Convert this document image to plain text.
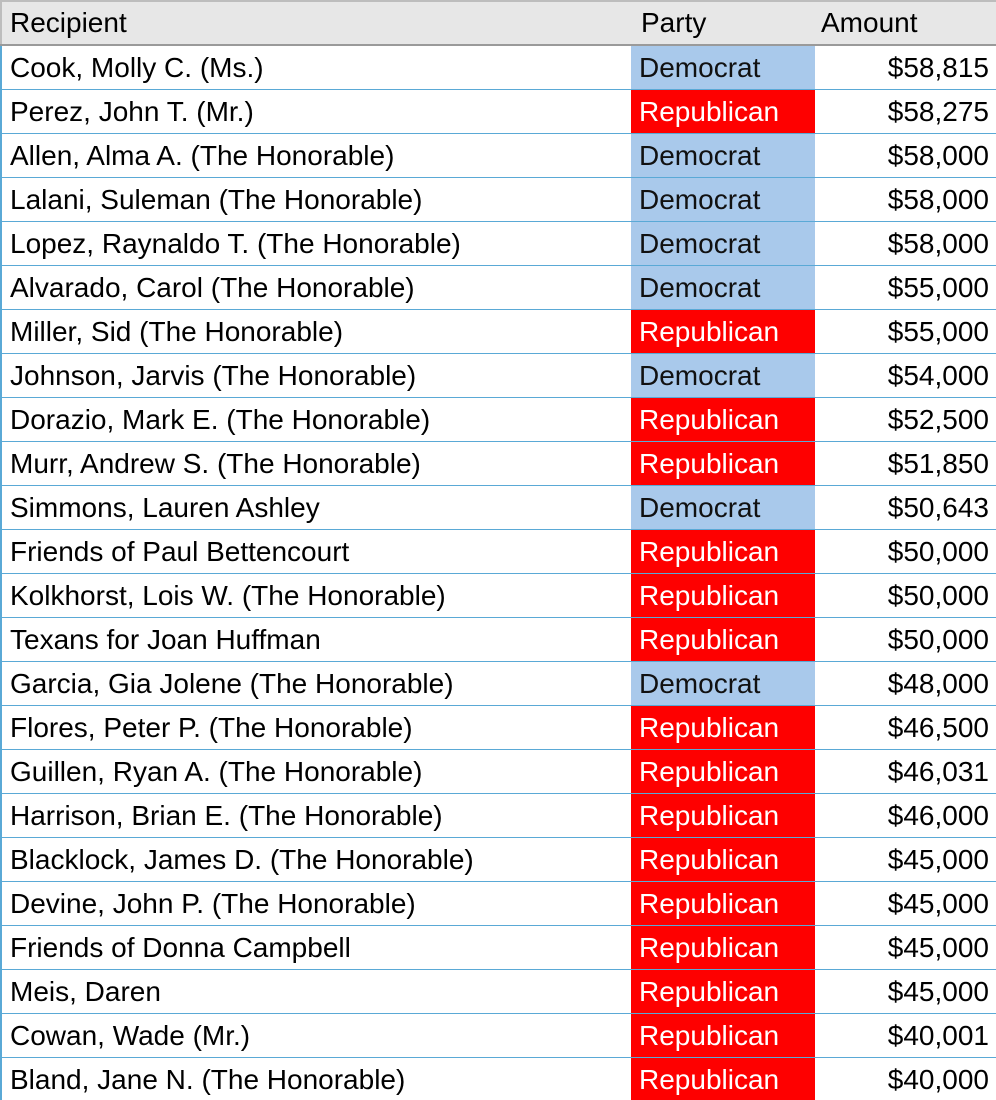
Recipient	Party	Amount
Cook, Molly C. (Ms.)	Democrat	$58,815
Perez, John T. (Mr.)	Republican	$58,275
Allen, Alma A. (The Honorable)	Democrat	$58,000
Lalani, Suleman (The Honorable)	Democrat	$58,000
Lopez, Raynaldo T. (The Honorable)	Democrat	$58,000
Alvarado, Carol (The Honorable)	Democrat	$55,000
Miller, Sid (The Honorable)	Republican	$55,000
Johnson, Jarvis (The Honorable)	Democrat	$54,000
Dorazio, Mark E. (The Honorable)	Republican	$52,500
Murr, Andrew S. (The Honorable)	Republican	$51,850
Simmons, Lauren Ashley	Democrat	$50,643
Friends of Paul Bettencourt	Republican	$50,000
Kolkhorst, Lois W. (The Honorable)	Republican	$50,000
Texans for Joan Huffman	Republican	$50,000
Garcia, Gia Jolene (The Honorable)	Democrat	$48,000
Flores, Peter P. (The Honorable)	Republican	$46,500
Guillen, Ryan A. (The Honorable)	Republican	$46,031
Harrison, Brian E. (The Honorable)	Republican	$46,000
Blacklock, James D. (The Honorable)	Republican	$45,000
Devine, John P. (The Honorable)	Republican	$45,000
Friends of Donna Campbell	Republican	$45,000
Meis, Daren	Republican	$45,000
Cowan, Wade (Mr.)	Republican	$40,001
Bland, Jane N. (The Honorable)	Republican	$40,000
